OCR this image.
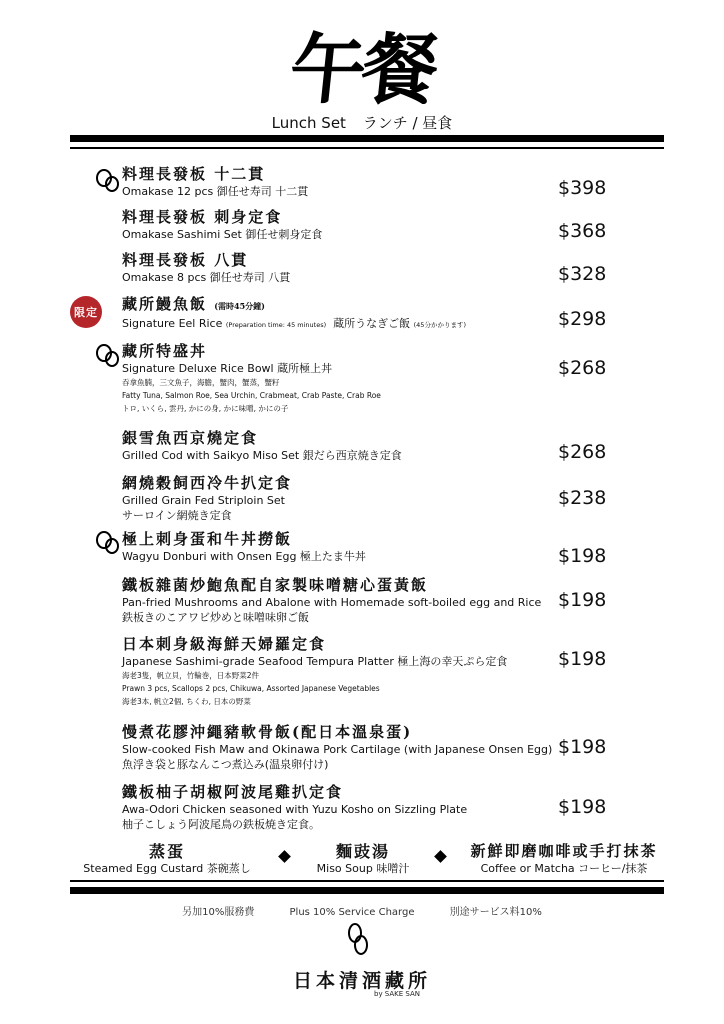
午餐
Lunch Set ランチ / 昼食
限定
料理長發板 十二貫
Omakase 12 pcs 御任せ寿司 十二貫	$398
料理長發板 刺身定食
Omakase Sashimi Set 御任せ刺身定食	$368
料理長發板 八貫
Omakase 8 pcs 御任せ寿司 八貫	$328
藏所鰻魚飯 (需時45分鐘)
Signature Eel Rice (Preparation time: 45 minutes) 蔵所うなぎご飯 (45分かかります)	$298
藏所特盛丼
Signature Deluxe Rice Bowl 蔵所極上丼
吞拿魚腩，三文魚子，海膽，蟹肉，蟹蒸，蟹籽
Fatty Tuna, Salmon Roe, Sea Urchin, Crabmeat, Crab Paste, Crab Roe
トロ, いくら, 雲丹, かにの身, かに味噌, かにの子
$268
銀雪魚西京燒定食
Grilled Cod with Saikyo Miso Set 銀だら西京焼き定食	$268
網燒穀飼西冷牛扒定食
Grilled Grain Fed Striploin Set
サーロイン網焼き定食
$238
極上刺身蛋和牛丼撈飯
Wagyu Donburi with Onsen Egg 極上たま牛丼	$198
鐵板雜菌炒鮑魚配自家製味噌糖心蛋黃飯
Pan-fried Mushrooms and Abalone with Homemade soft-boiled egg and Rice
鉄板きのこアワビ炒めと味噌味卵ご飯
$198
日本刺身級海鮮天婦羅定食
Japanese Sashimi-grade Seafood Tempura Platter 極上海の幸天ぷら定食
海老3隻，帆立貝，竹輪巻，日本野菜2件
Prawn 3 pcs, Scallops 2 pcs, Chikuwa, Assorted Japanese Vegetables
海老3本, 帆立2個, ちくわ, 日本の野菜
$198
慢煮花膠沖繩豬軟骨飯(配日本溫泉蛋)
Slow-cooked Fish Maw and Okinawa Pork Cartilage (with Japanese Onsen Egg)
魚浮き袋と豚なんこつ煮込み(温泉卵付け)
$198
鐵板柚子胡椒阿波尾雞扒定食
Awa-Odori Chicken seasoned with Yuzu Kosho on Sizzling Plate
柚子こしょう阿波尾鳥の鉄板焼き定食。
$198
蒸蛋
Steamed Egg Custard 茶碗蒸し
麵豉湯
Miso Soup 味噌汁
新鮮即磨咖啡或手打抹茶
Coffee or Matcha コーヒー/抹茶
另加10%服務費	Plus 10% Service Charge	別途サービス料10%
日本清酒藏所
by SAKE SAN
